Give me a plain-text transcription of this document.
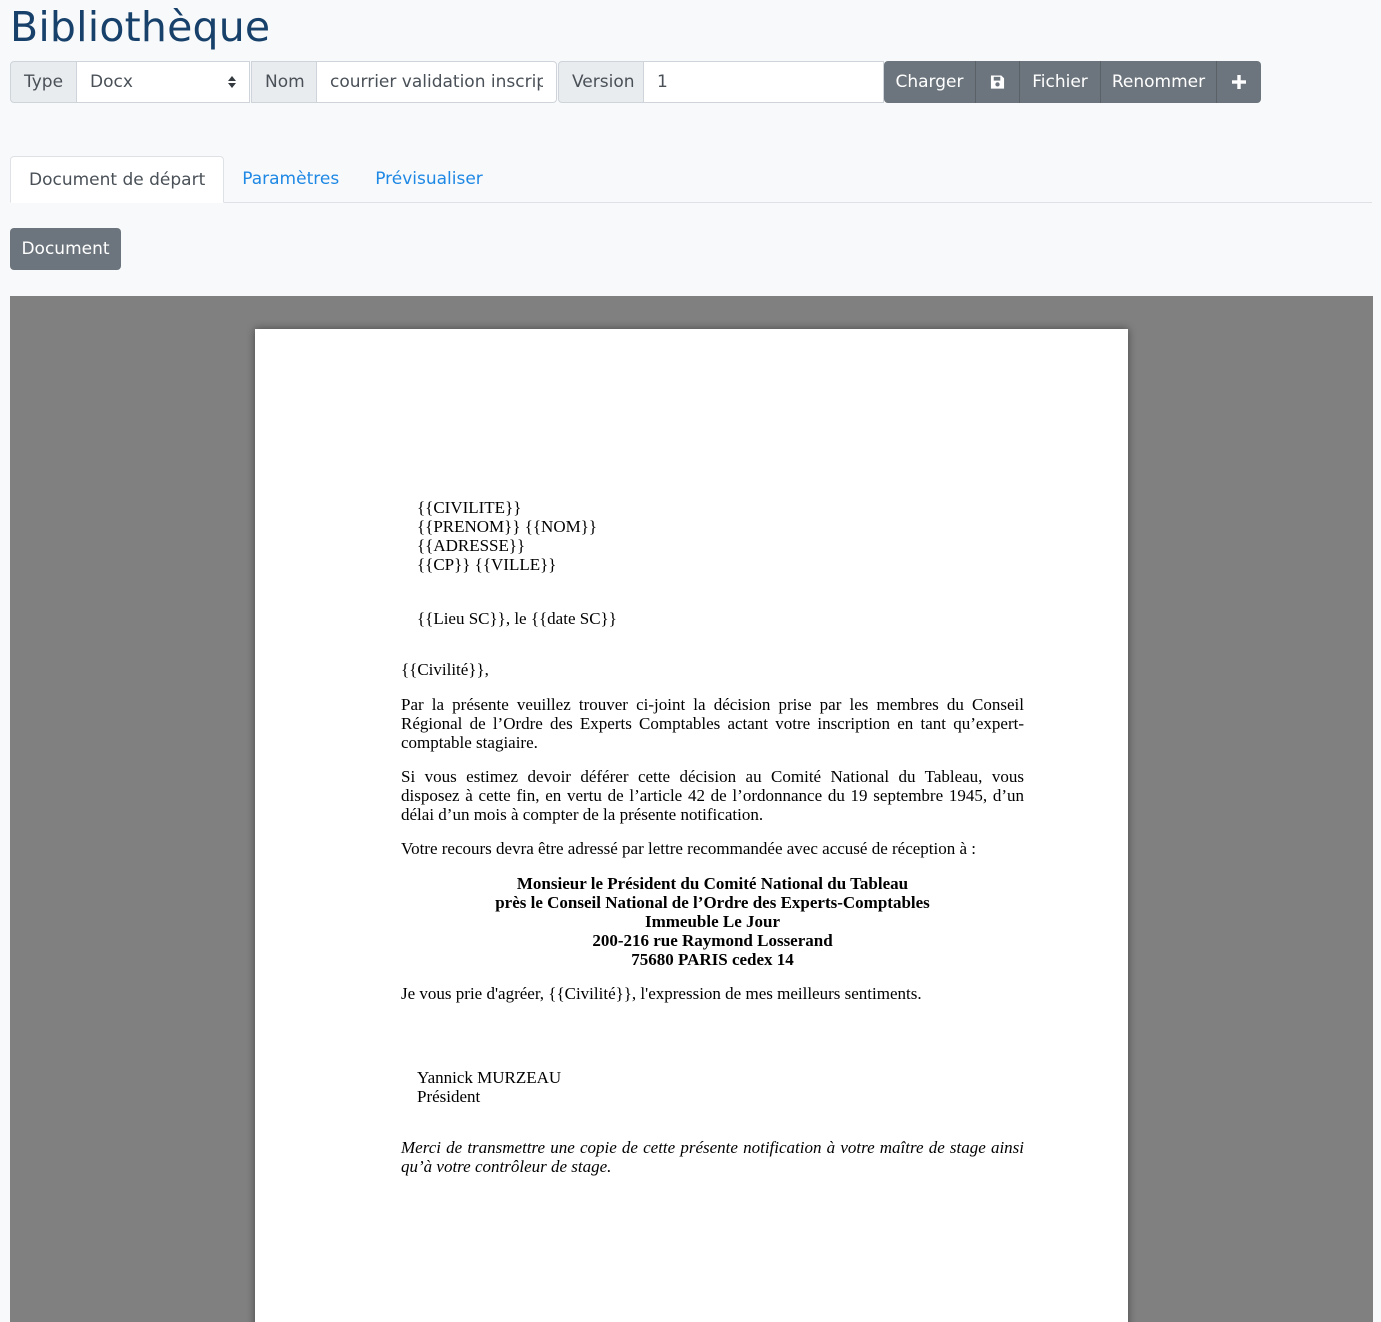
Bibliothèque
Type	Docx	Nom
courrier validation inscripti	Version
1	Charger	Fichier	Renommer
Document de départ	Paramètres	Prévisualiser
Document

{{CIVILITE}}

{{PRENOM}} {{NOM}}

{{ADRESSE}}

{{CP}} {{VILLE}}

{{Lieu SC}}, le {{date SC}}

{{Civilité}},

Par la présente veuillez trouver ci-joint la décision prise par les membres du Conseil Régional de l’Ordre des Experts Comptables actant votre inscription en tant qu’expert-comptable stagiaire.

Si vous estimez devoir déférer cette décision au Comité National du Tableau, vous disposez à cette fin, en vertu de l’article 42 de l’ordonnance du 19 septembre 1945, d’un délai d’un mois à compter de la présente notification.

Votre recours devra être adressé par lettre recommandée avec accusé de réception à :

Monsieur le Président du Comité National du Tableau

près le Conseil National de l’Ordre des Experts-Comptables

Immeuble Le Jour

200-216 rue Raymond Losserand

75680 PARIS cedex 14

Je vous prie d'agréer, {{Civilité}}, l'expression de mes meilleurs sentiments.

Yannick MURZEAU

Président

Merci de transmettre une copie de cette présente notification à votre maître de stage ainsi qu’à votre contrôleur de stage.
